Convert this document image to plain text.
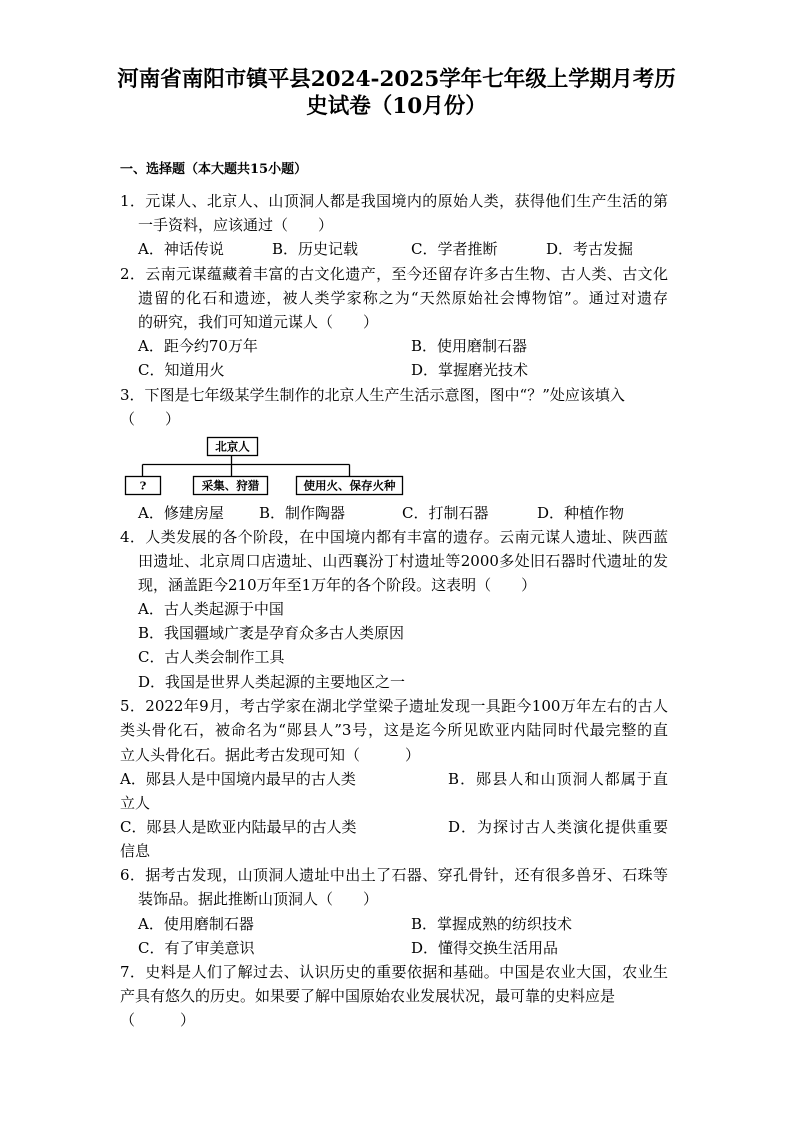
河南省南阳市镇平县2024-2025学年七年级上学期月考历
史试卷（10月份）
一、选择题（本大题共15小题）
1．元谋人、北京人、山顶洞人都是我国境内的原始人类，获得他们生产生活的第
一手资料，应该通过（　　）
A．神话传说	B．历史记载	C．学者推断	D．考古发掘
2．云南元谋蕴藏着丰富的古文化遗产，至今还留存许多古生物、古人类、古文化
遗留的化石和遗迹，被人类学家称之为“天然原始社会博物馆”。通过对遗存
的研究，我们可知道元谋人（　　）
A．距今约70万年	B．使用磨制石器
C．知道用火	D．掌握磨光技术
3．下图是七年级某学生制作的北京人生产生活示意图，图中“？”处应该填入
（　　）
北京人
?	采集、狩猎	使用火、保存火种
A．修建房屋 B．制作陶器	C．打制石器	D．种植作物
4．人类发展的各个阶段，在中国境内都有丰富的遗存。云南元谋人遗址、陕西蓝
田遗址、北京周口店遗址、山西襄汾丁村遗址等2000多处旧石器时代遗址的发
现，涵盖距今210万年至1万年的各个阶段。这表明（　　）
A．古人类起源于中国
B．我国疆域广袤是孕育众多古人类原因
C．古人类会制作工具
D．我国是世界人类起源的主要地区之一
5．2022年9月，考古学家在湖北学堂梁子遗址发现一具距今100万年左右的古人
类头骨化石，被命名为“郧县人”3号，这是迄今所见欧亚内陆同时代最完整的直
立人头骨化石。据此考古发现可知（　　　）
A．郧县人是中国境内最早的古人类	B．郧县人和山顶洞人都属于直
立人
C．郧县人是欧亚内陆最早的古人类	D．为探讨古人类演化提供重要
信息
6．据考古发现，山顶洞人遗址中出土了石器、穿孔骨针，还有很多兽牙、石珠等
装饰品。据此推断山顶洞人（　　）
A．使用磨制石器	B．掌握成熟的纺织技术
C．有了审美意识	D．懂得交换生活用品
7．史料是人们了解过去、认识历史的重要依据和基础。中国是农业大国，农业生
产具有悠久的历史。如果要了解中国原始农业发展状况，最可靠的史料应是
（　　　）
